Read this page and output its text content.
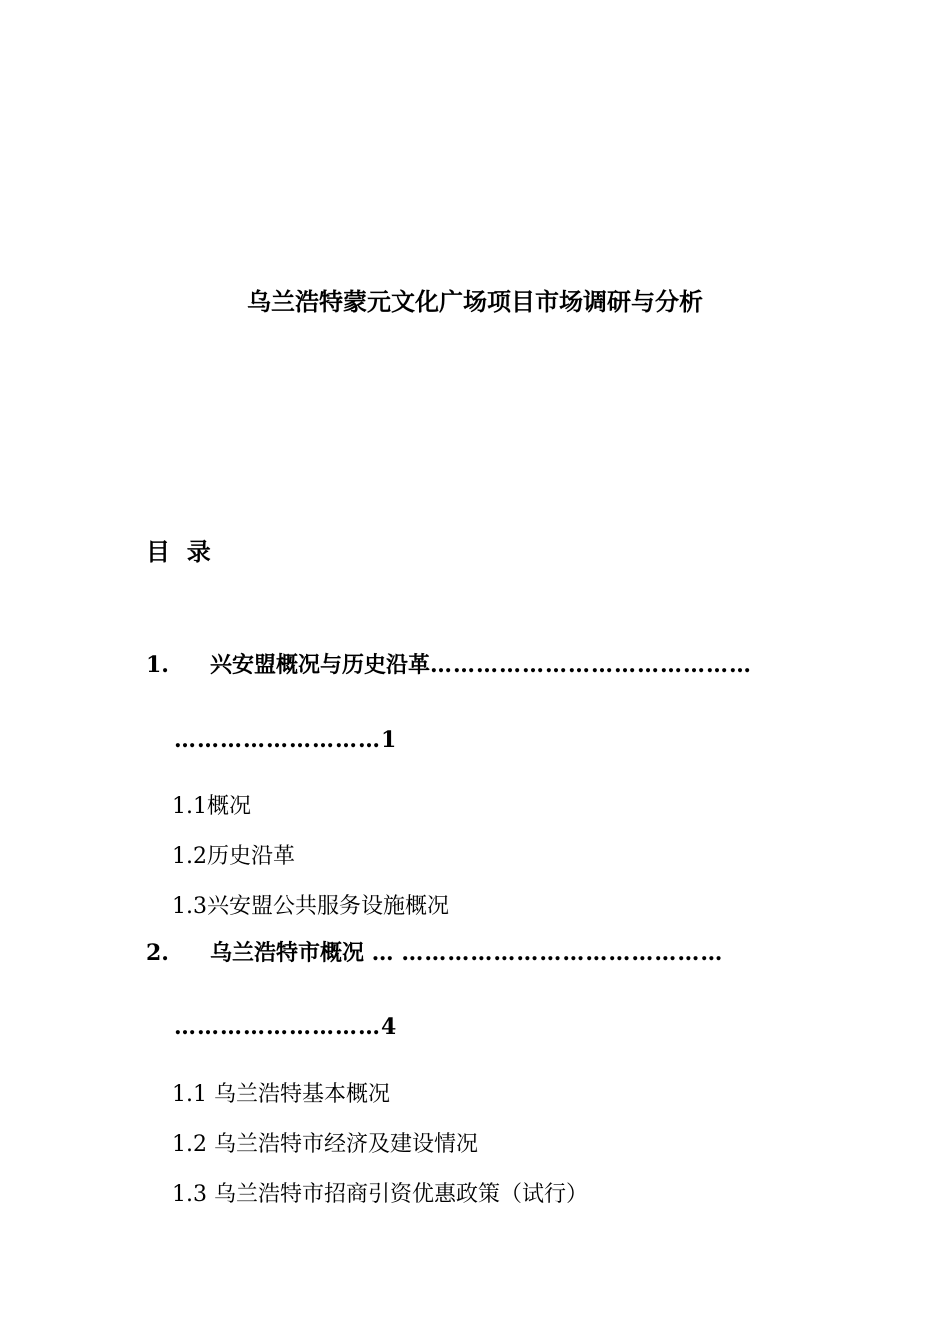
乌兰浩特蒙元文化广场项目市场调研与分析
目  录
1. 兴安盟概况与历史沿革……………………………………
………………………1
1.1概况
1.2历史沿革
1.3兴安盟公共服务设施概况
2. 乌兰浩特市概况 … ……………………………………
………………………4
1.1 乌兰浩特基本概况
1.2 乌兰浩特市经济及建设情况
1.3 乌兰浩特市招商引资优惠政策（试行）
